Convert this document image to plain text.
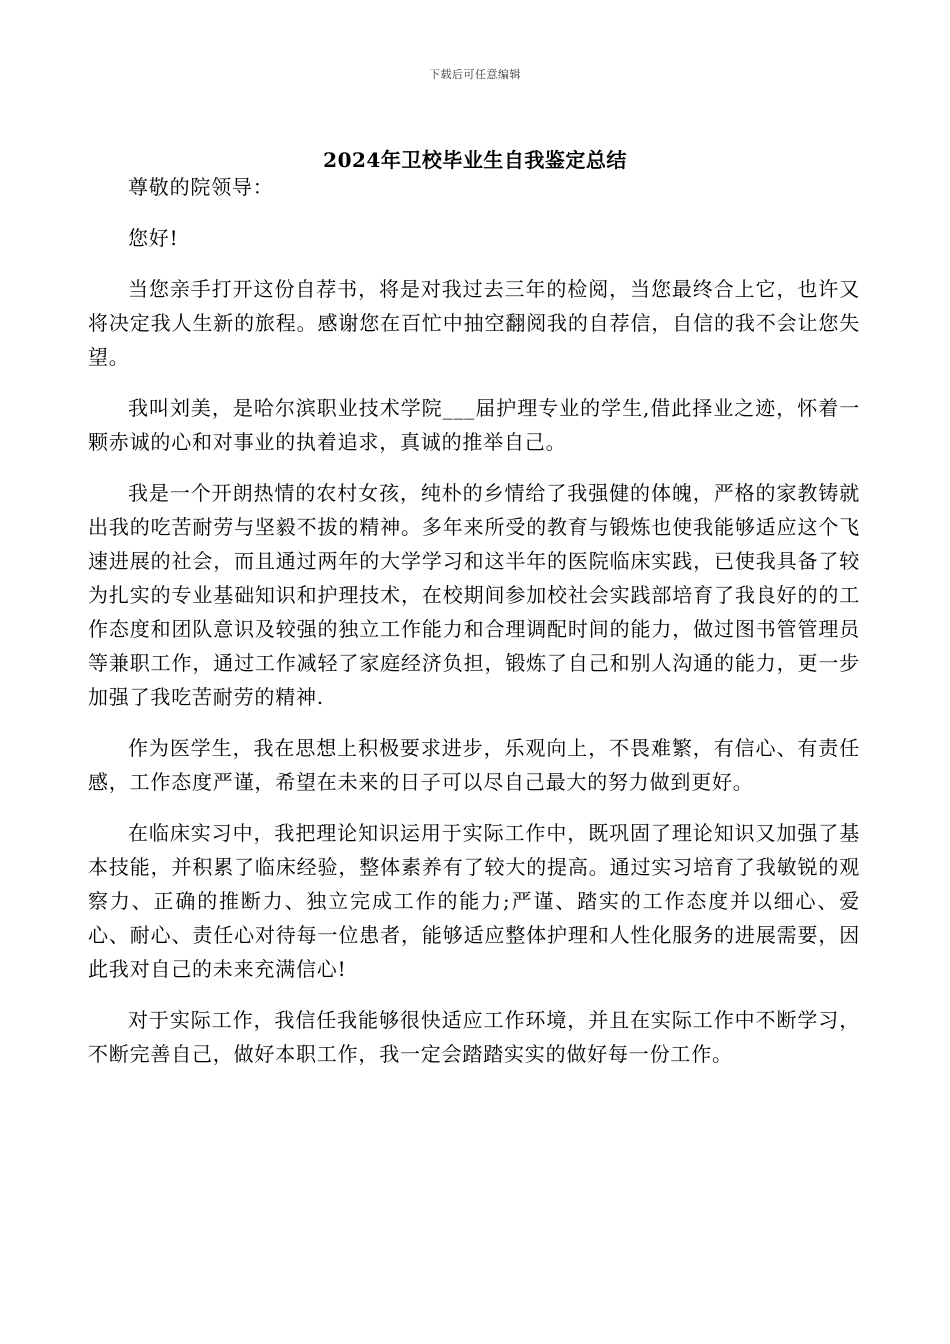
下载后可任意编辑
2024年卫校毕业生自我鉴定总结

尊敬的院领导：

您好!

当您亲手打开这份自荐书，将是对我过去三年的检阅，当您最终合上它，也许又将决定我人生新的旅程。感谢您在百忙中抽空翻阅我的自荐信，自信的我不会让您失望。

我叫刘美，是哈尔滨职业技术学院___届护理专业的学生,借此择业之迹，怀着一颗赤诚的心和对事业的执着追求，真诚的推举自己。

我是一个开朗热情的农村女孩，纯朴的乡情给了我强健的体魄，严格的家教铸就出我的吃苦耐劳与坚毅不拔的精神。多年来所受的教育与锻炼也使我能够适应这个飞速进展的社会，而且通过两年的大学学习和这半年的医院临床实践，已使我具备了较为扎实的专业基础知识和护理技术，在校期间参加校社会实践部培育了我良好的的工作态度和团队意识及较强的独立工作能力和合理调配时间的能力，做过图书管管理员等兼职工作，通过工作减轻了家庭经济负担，锻炼了自己和别人沟通的能力，更一步加强了我吃苦耐劳的精神.

作为医学生，我在思想上积极要求进步，乐观向上，不畏难繁，有信心、有责任感，工作态度严谨，希望在未来的日子可以尽自己最大的努力做到更好。

在临床实习中，我把理论知识运用于实际工作中，既巩固了理论知识又加强了基本技能，并积累了临床经验，整体素养有了较大的提高。通过实习培育了我敏锐的观察力、正确的推断力、独立完成工作的能力;严谨、踏实的工作态度并以细心、爱心、耐心、责任心对待每一位患者，能够适应整体护理和人性化服务的进展需要，因此我对自己的未来充满信心!

对于实际工作，我信任我能够很快适应工作环境，并且在实际工作中不断学习，不断完善自己，做好本职工作，我一定会踏踏实实的做好每一份工作。
